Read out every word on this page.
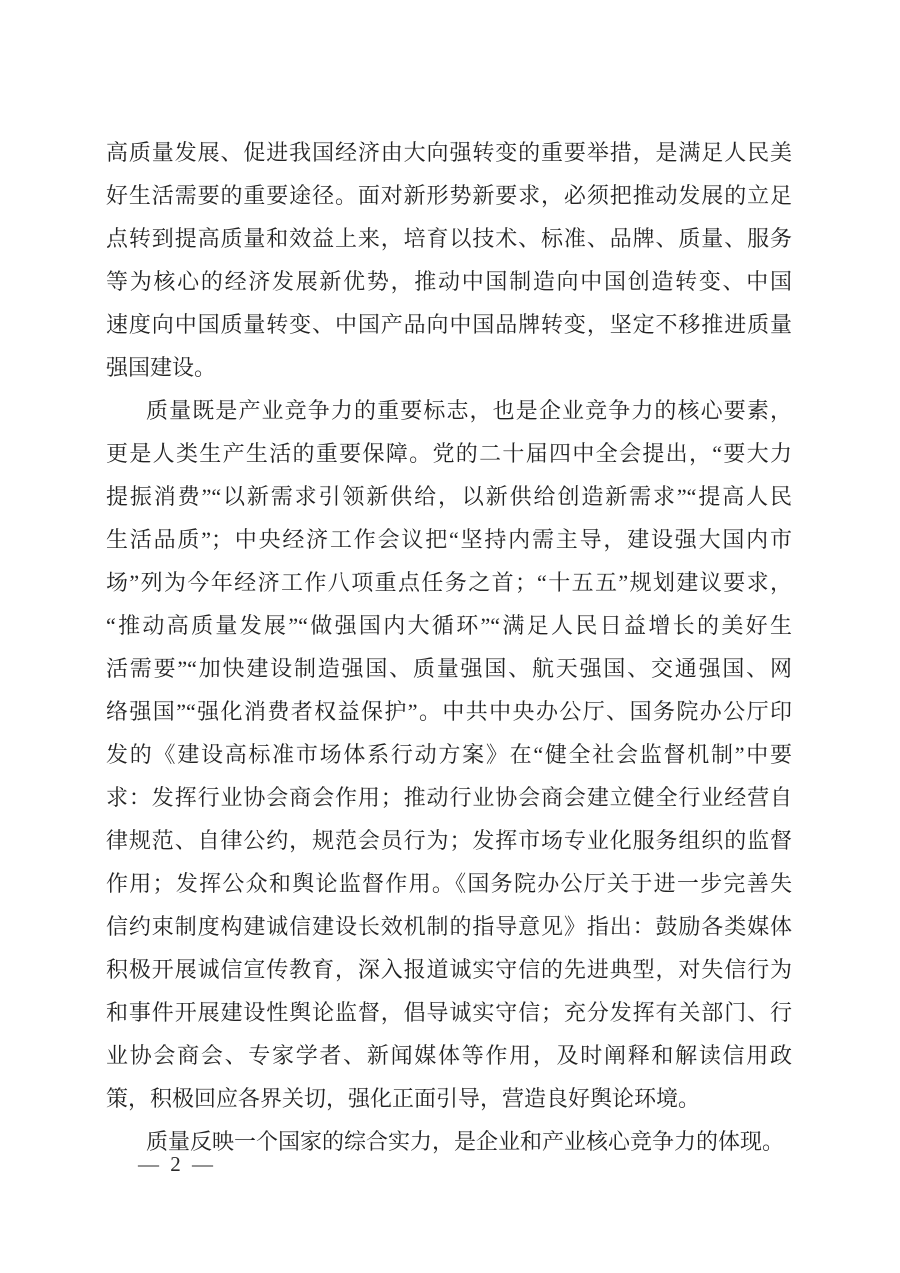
高质量发展、促进我国经济由大向强转变的重要举措，是满足人民美
好生活需要的重要途径。面对新形势新要求，必须把推动发展的立足
点转到提高质量和效益上来，培育以技术、标准、品牌、质量、服务
等为核心的经济发展新优势，推动中国制造向中国创造转变、中国
速度向中国质量转变、中国产品向中国品牌转变，坚定不移推进质量
强国建设。
质量既是产业竞争力的重要标志，也是企业竞争力的核心要素，
更是人类生产生活的重要保障。党的二十届四中全会提出，“要大力
提振消费”“以新需求引领新供给，以新供给创造新需求”“提高人民
生活品质”；中央经济工作会议把“坚持内需主导，建设强大国内市
场”列为今年经济工作八项重点任务之首；“十五五”规划建议要求，
“推动高质量发展”“做强国内大循环”“满足人民日益增长的美好生
活需要”“加快建设制造强国、质量强国、航天强国、交通强国、网
络强国”“强化消费者权益保护”。中共中央办公厅、国务院办公厅印
发的《建设高标准市场体系行动方案》在“健全社会监督机制”中要
求：发挥行业协会商会作用；推动行业协会商会建立健全行业经营自
律规范、自律公约，规范会员行为；发挥市场专业化服务组织的监督
作用；发挥公众和舆论监督作用。《国务院办公厅关于进一步完善失
信约束制度构建诚信建设长效机制的指导意见》指出：鼓励各类媒体
积极开展诚信宣传教育，深入报道诚实守信的先进典型，对失信行为
和事件开展建设性舆论监督，倡导诚实守信；充分发挥有关部门、行
业协会商会、专家学者、新闻媒体等作用，及时阐释和解读信用政
策，积极回应各界关切，强化正面引导，营造良好舆论环境。
质量反映一个国家的综合实力，是企业和产业核心竞争力的体现。
— 2 —
